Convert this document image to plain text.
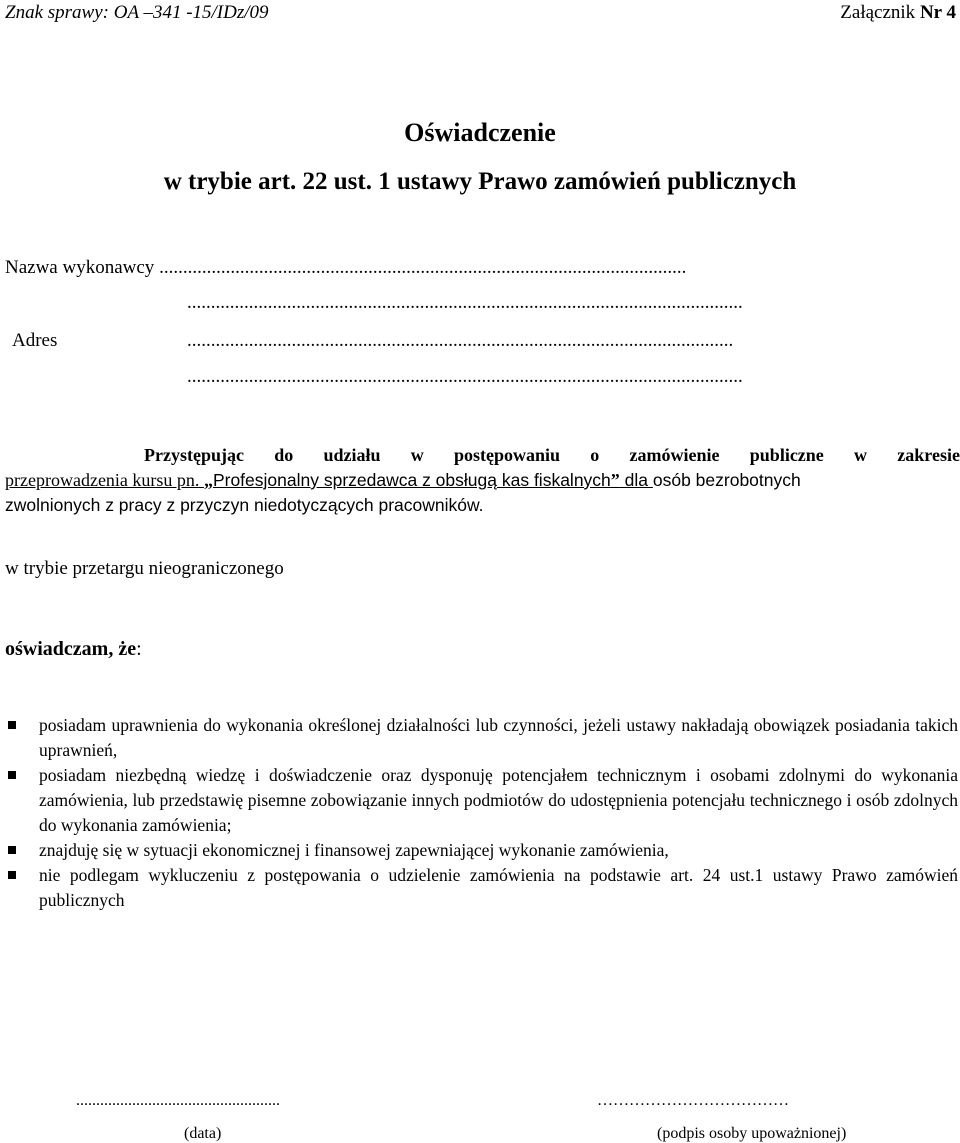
Znak sprawy: OA –341 -15/IDz/09	Załącznik Nr 4
Oświadczenie
w trybie art. 22 ust. 1 ustawy Prawo zamówień publicznych
Nazwa wykonawcy ...............................................................................................................
.....................................................................................................................
Adres	...................................................................................................................
.....................................................................................................................
Przystępując do udziału w postępowaniu o zamówienie publiczne w zakresie
przeprowadzenia kursu pn. „Profesjonalny sprzedawca z obsługą kas fiskalnych” dla osób bezrobotnych
zwolnionych z pracy z przyczyn niedotyczących pracowników.
w trybie przetargu nieograniczonego
oświadczam, że:
posiadam uprawnienia do wykonania określonej działalności lub czynności, jeżeli ustawy nakładają obowiązek posiadania takich uprawnień,
posiadam niezbędną wiedzę i doświadczenie oraz dysponuję potencjałem technicznym i osobami zdolnymi do wykonania zamówienia, lub przedstawię pisemne zobowiązanie innych podmiotów do udostępnienia potencjału technicznego i osób zdolnych do wykonania zamówienia;
znajduję się w sytuacji ekonomicznej i finansowej zapewniającej wykonanie zamówienia,
nie podlegam wykluczeniu z postępowania o udzielenie zamówienia na podstawie art. 24 ust.1 ustawy Prawo zamówień publicznych
...................................................	………………………………
(data)	(podpis osoby upoważnionej)
